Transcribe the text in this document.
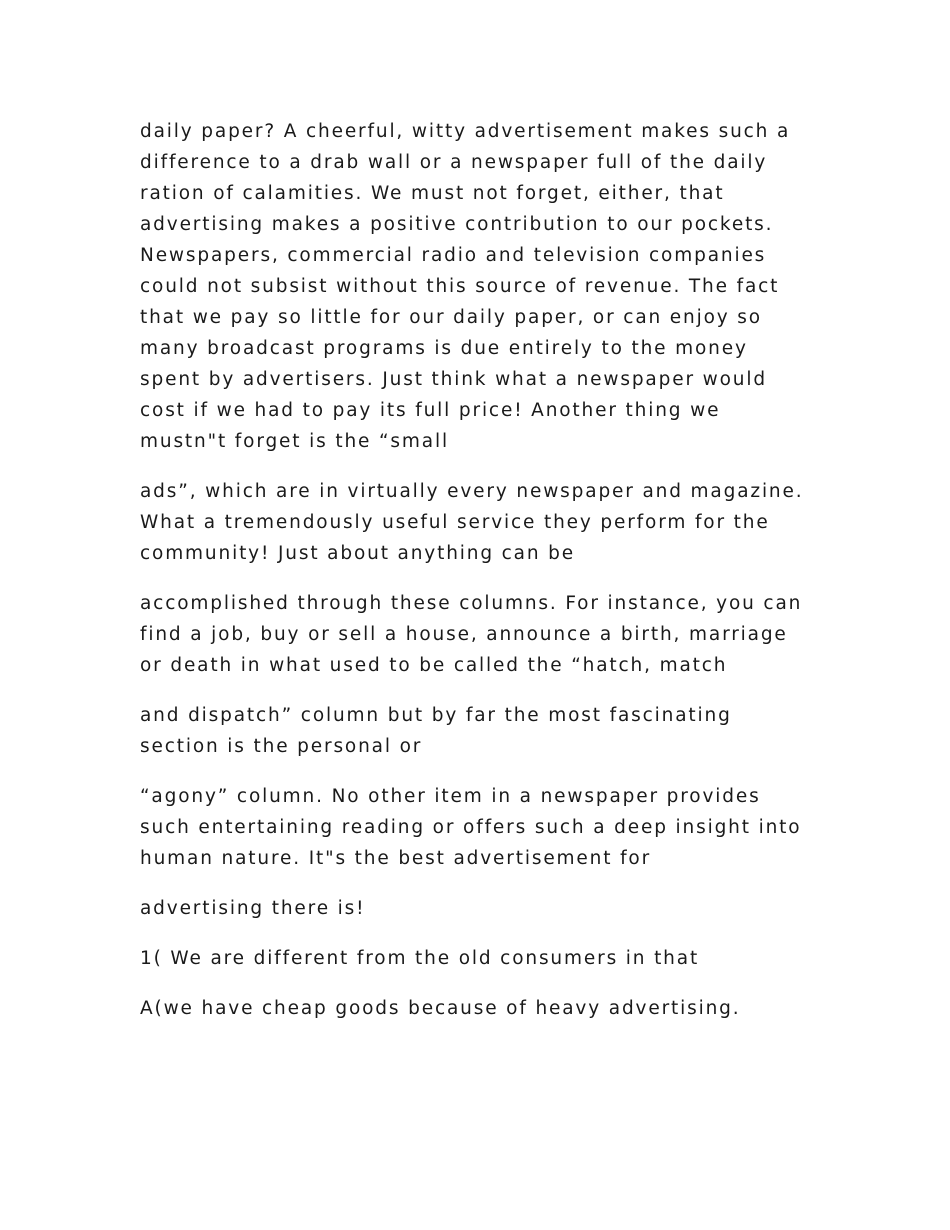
daily paper? A cheerful, witty advertisement makes such a
difference to a drab wall or a newspaper full of the daily
ration of calamities. We must not forget, either, that
advertising makes a positive contribution to our pockets.
Newspapers, commercial radio and television companies
could not subsist without this source of revenue. The fact
that we pay so little for our daily paper, or can enjoy so
many broadcast programs is due entirely to the money
spent by advertisers. Just think what a newspaper would
cost if we had to pay its full price! Another thing we
mustn"t forget is the “small

ads”, which are in virtually every newspaper and magazine.
What a tremendously useful service they perform for the
community! Just about anything can be

accomplished through these columns. For instance, you can
find a job, buy or sell a house, announce a birth, marriage
or death in what used to be called the “hatch, match

and dispatch” column but by far the most fascinating
section is the personal or

“agony” column. No other item in a newspaper provides
such entertaining reading or offers such a deep insight into
human nature. It"s the best advertisement for

advertising there is!

1( We are different from the old consumers in that

A(we have cheap goods because of heavy advertising.
